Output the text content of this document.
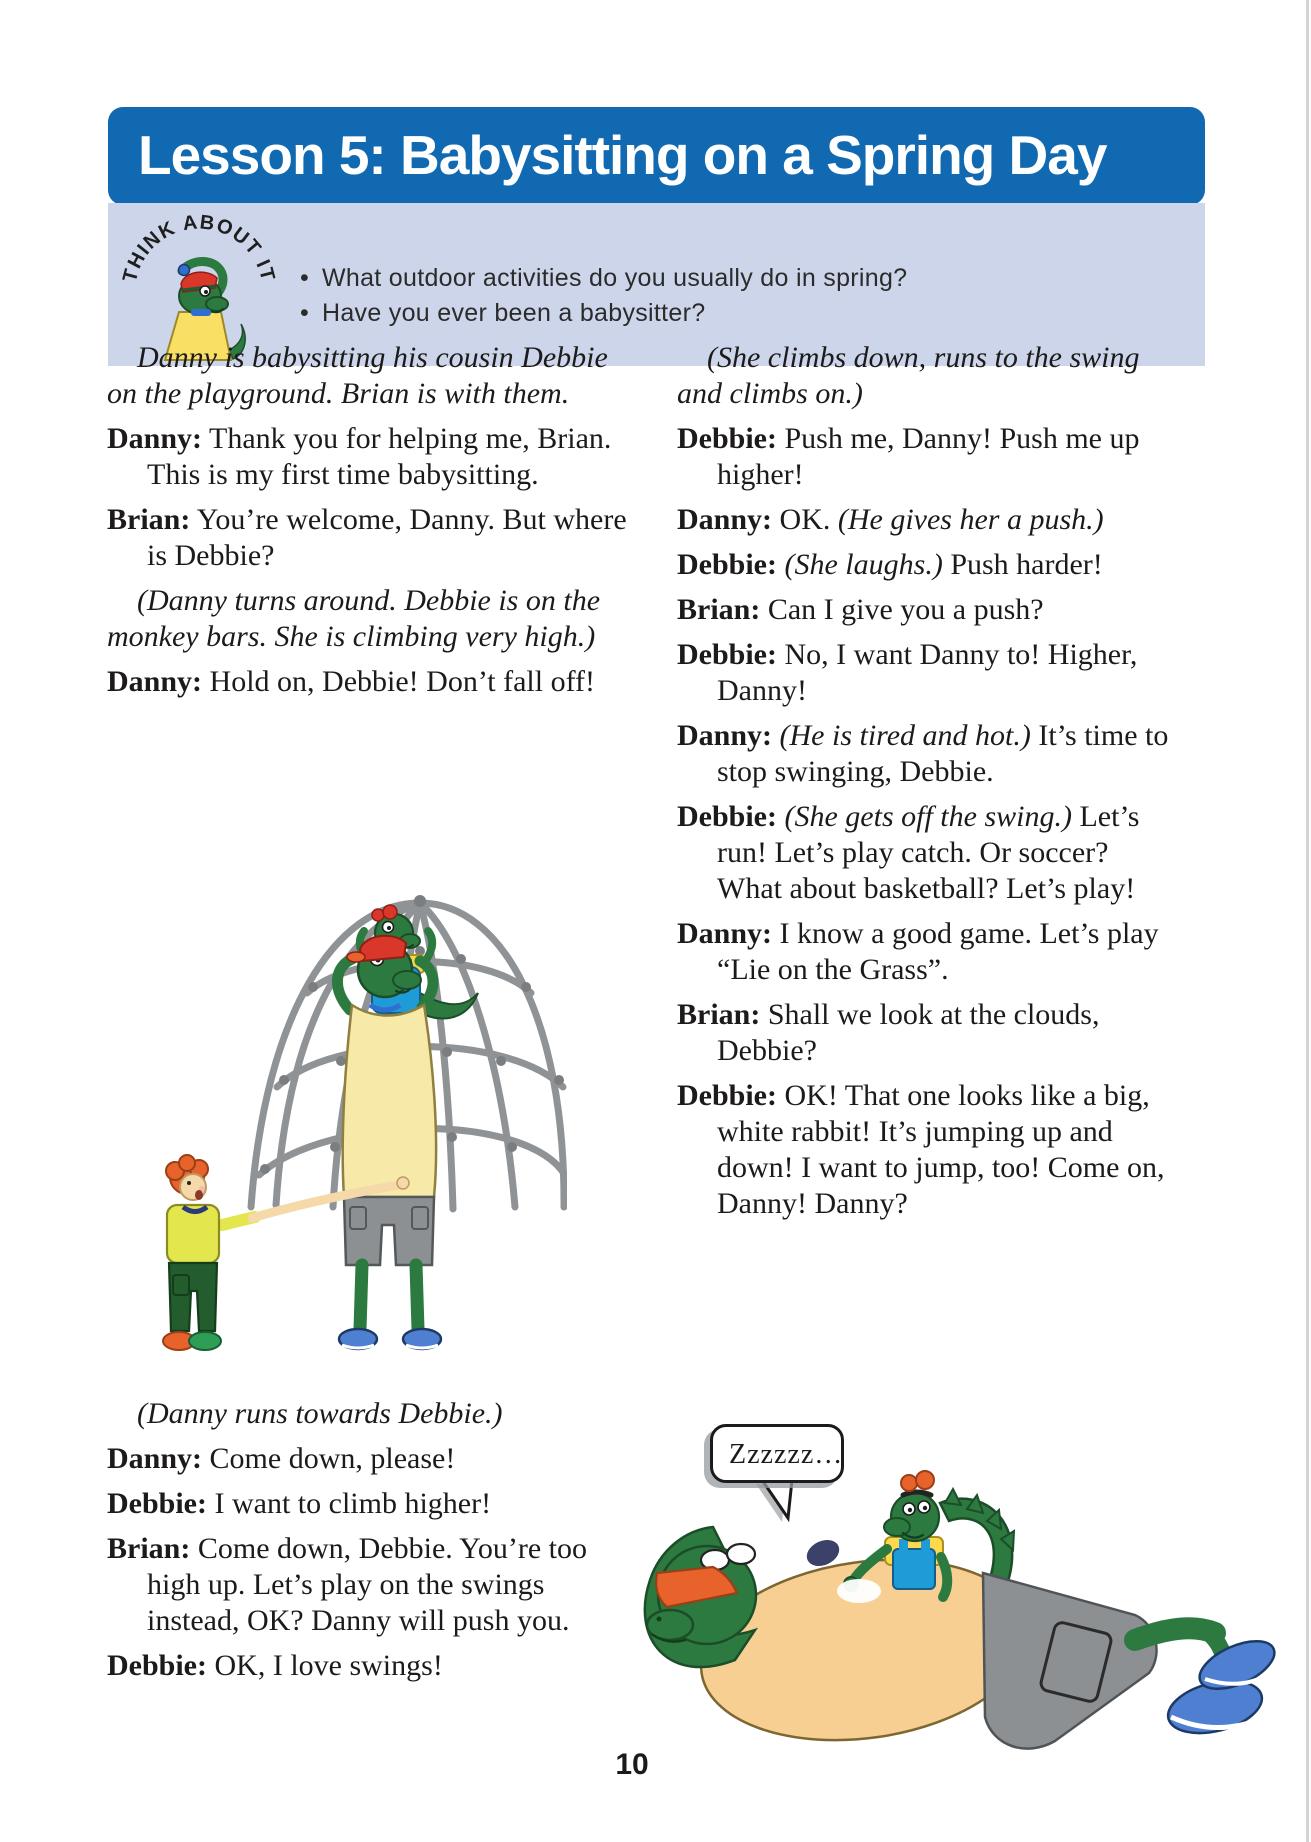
Lesson 5: Babysitting on a Spring Day
THINK ABOUT IT • What outdoor activities do you usually do in spring?
• Have you ever been a babysitter?

Danny is babysitting his cousin Debbie on the playground. Brian is with them.

Danny: Thank you for helping me, Brian. This is my first time babysitting.

Brian: You’re welcome, Danny. But where is Debbie?

(Danny turns around. Debbie is on the monkey bars. She is climbing very high.)

Danny: Hold on, Debbie! Don’t fall off!

(Danny runs towards Debbie.)

Danny: Come down, please!

Debbie: I want to climb higher!

Brian: Come down, Debbie. You’re too high up. Let’s play on the swings instead, OK? Danny will push you.

Debbie: OK, I love swings!

(She climbs down, runs to the swing and climbs on.)

Debbie: Push me, Danny! Push me up higher!

Danny: OK. (He gives her a push.)

Debbie: (She laughs.) Push harder!

Brian: Can I give you a push?

Debbie: No, I want Danny to! Higher, Danny!

Danny: (He is tired and hot.) It’s time to stop swinging, Debbie.

Debbie: (She gets off the swing.) Let’s run! Let’s play catch. Or soccer? What about basketball? Let’s play!

Danny: I know a good game. Let’s play “Lie on the Grass”.

Brian: Shall we look at the clouds, Debbie?

Debbie: OK! That one looks like a big, white rabbit! It’s jumping up and down! I want to jump, too! Come on, Danny! Danny?

Zzzzzz…
10
